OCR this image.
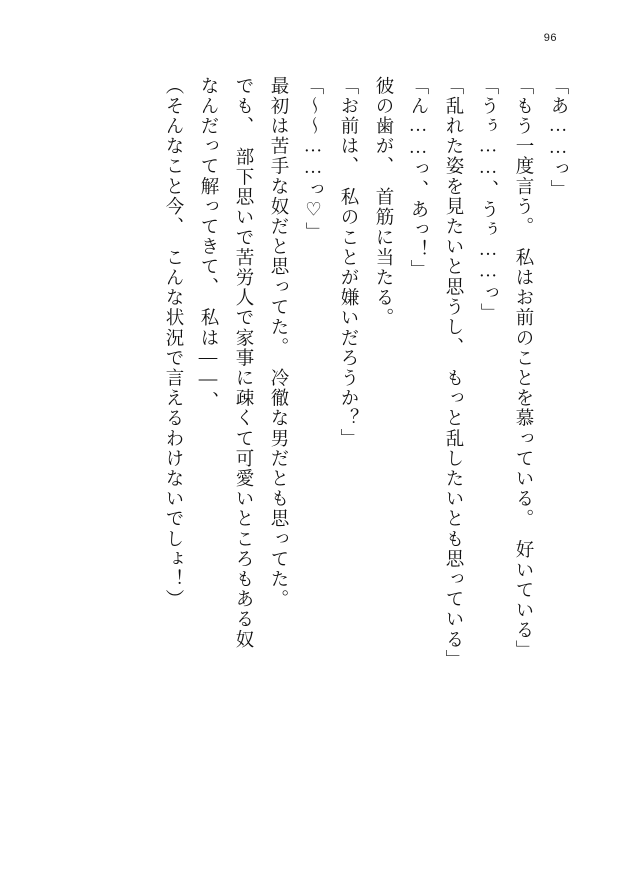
96
「あ……っ」
「もう一度言う。　私はお前のことを慕っている。　好いている」
「うぅ……、うぅ……っ」
「乱れた姿を見たいと思うし、　もっと乱したいとも思っている」
「ん……っ、あっ！」
彼の歯が、　首筋に当たる。
「お前は、　私のことが嫌いだろうか？」
「〜〜……っ♡」
最初は苦手な奴だと思ってた。　冷徹な男だとも思ってた。
でも、　部下思いで苦労人で家事に疎くて可愛いところもある奴
なんだって解ってきて、　私は――、
（そんなこと今、　こんな状況で言えるわけないでしょ！）
